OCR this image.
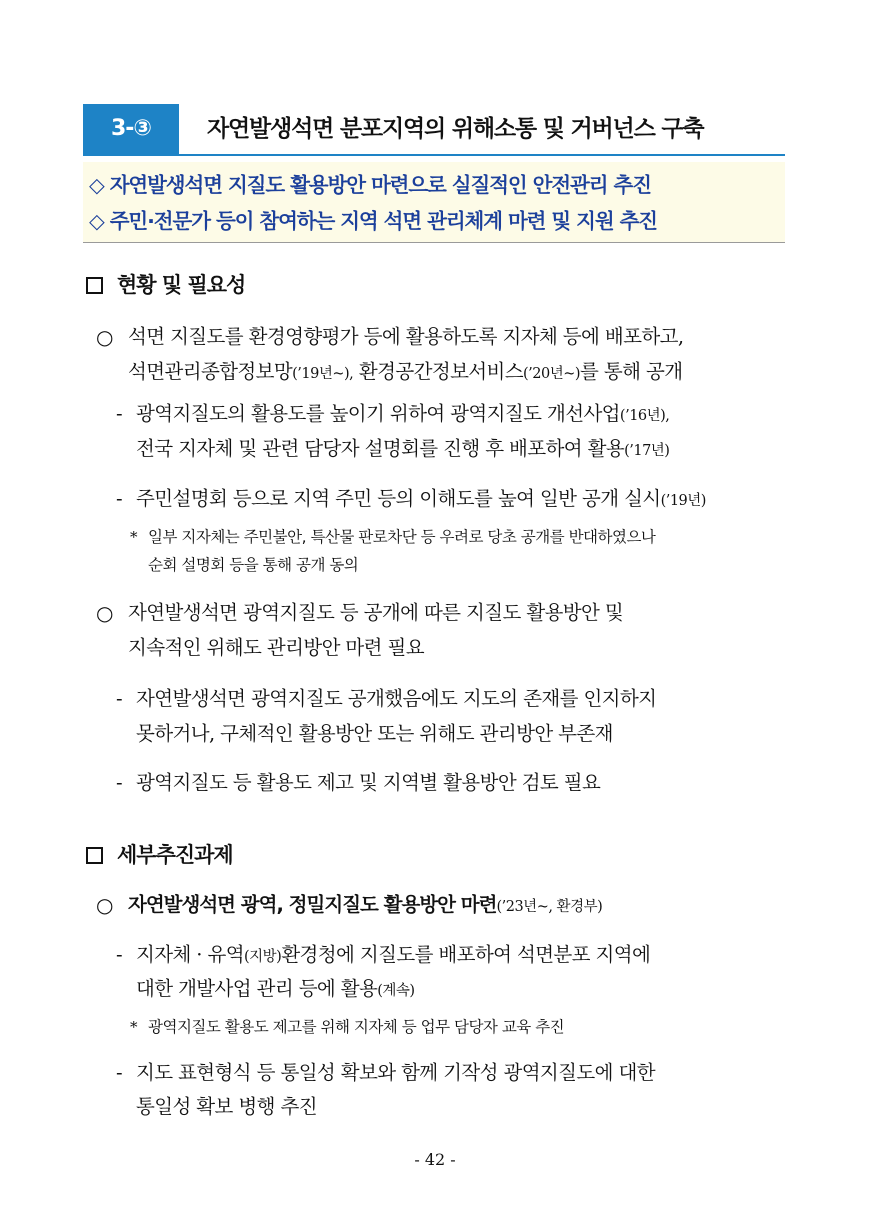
3-③	자연발생석면 분포지역의 위해소통 및 거버넌스 구축
◇ 자연발생석면 지질도 활용방안 마련으로 실질적인 안전관리 추진
◇ 주민·전문가 등이 참여하는 지역 석면 관리체계 마련 및 지원 추진
현황 및 필요성
○ 석면 지질도를 환경영향평가 등에 활용하도록 지자체 등에 배포하고,
석면관리종합정보망(’19년~), 환경공간정보서비스(’20년~)를 통해 공개
- 광역지질도의 활용도를 높이기 위하여 광역지질도 개선사업(’16년),
전국 지자체 및 관련 담당자 설명회를 진행 후 배포하여 활용(’17년)
- 주민설명회 등으로 지역 주민 등의 이해도를 높여 일반 공개 실시(’19년)
* 일부 지자체는 주민불안, 특산물 판로차단 등 우려로 당초 공개를 반대하였으나
순회 설명회 등을 통해 공개 동의
○ 자연발생석면 광역지질도 등 공개에 따른 지질도 활용방안 및
지속적인 위해도 관리방안 마련 필요
- 자연발생석면 광역지질도 공개했음에도 지도의 존재를 인지하지
못하거나, 구체적인 활용방안 또는 위해도 관리방안 부존재
- 광역지질도 등 활용도 제고 및 지역별 활용방안 검토 필요
세부추진과제
○ 자연발생석면 광역, 정밀지질도 활용방안 마련(’23년~, 환경부)
- 지자체 · 유역(지방)환경청에 지질도를 배포하여 석면분포 지역에
대한 개발사업 관리 등에 활용(계속)
* 광역지질도 활용도 제고를 위해 지자체 등 업무 담당자 교육 추진
- 지도 표현형식 등 통일성 확보와 함께 기작성 광역지질도에 대한
통일성 확보 병행 추진
- 42 -
